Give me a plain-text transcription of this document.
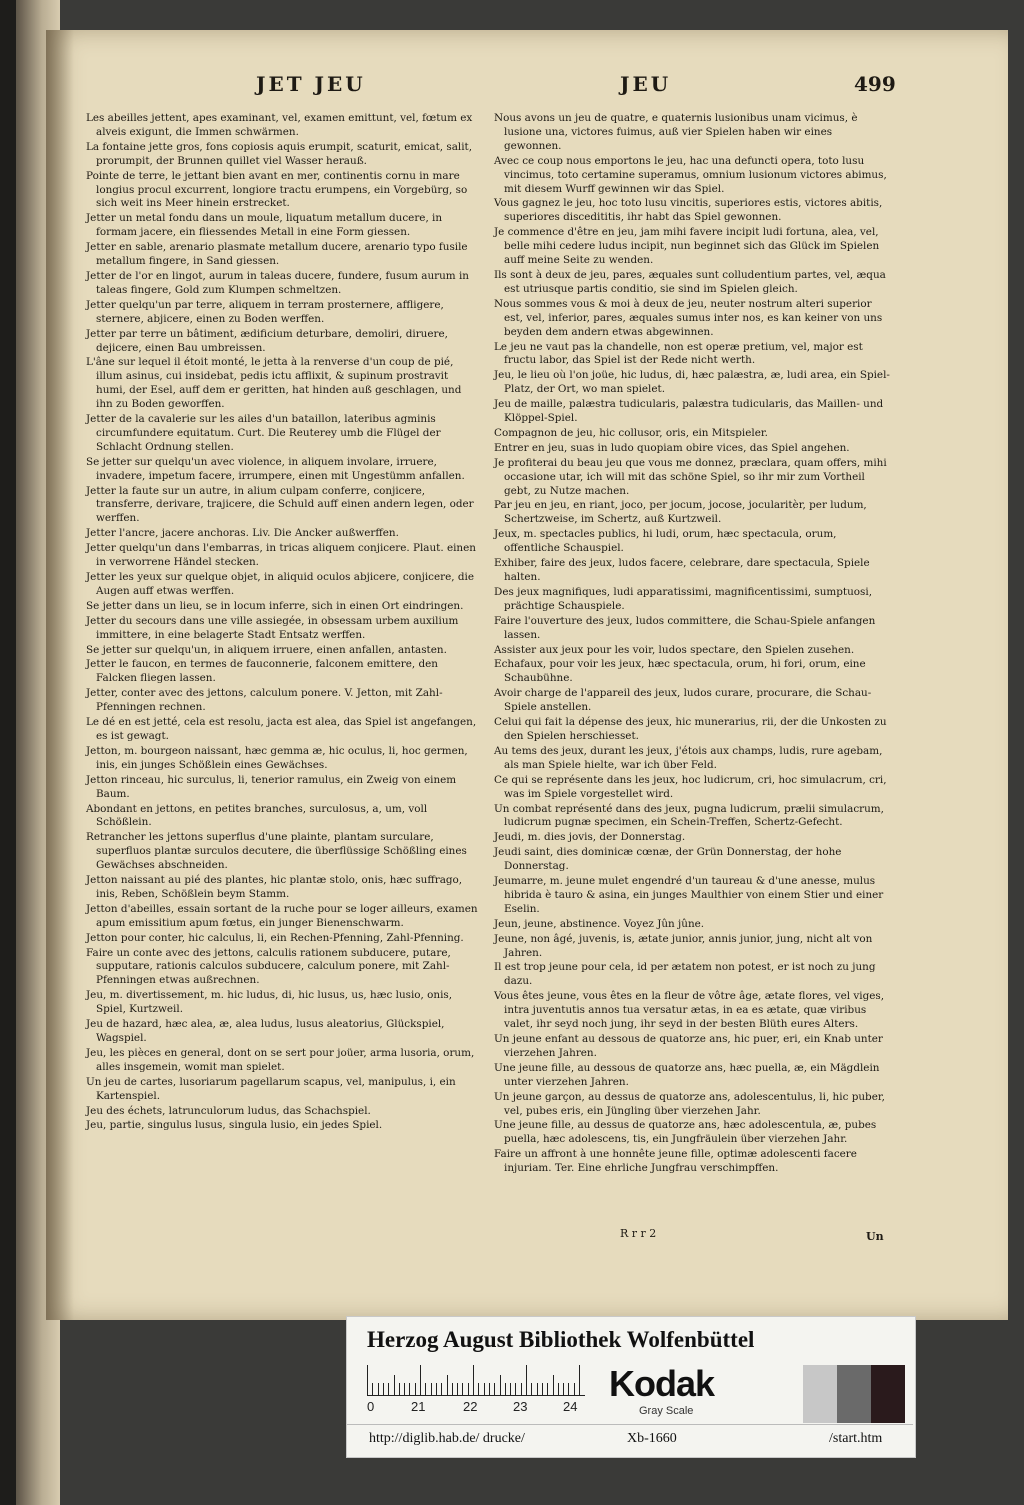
JET JEU	JEU	499

Les abeilles jettent, apes examinant, vel, examen emittunt, vel, fœtum ex alveis exigunt, die Immen schwärmen.

La fontaine jette gros, fons copiosis aquis erumpit, scaturit, emicat, salit, prorumpit, der Brunnen quillet viel Wasser herauß.

Pointe de terre, le jettant bien avant en mer, continentis cornu in mare longius procul excurrent, longiore tractu erumpens, ein Vorgebürg, so sich weit ins Meer hinein erstrecket.

Jetter un metal fondu dans un moule, liquatum metallum ducere, in formam jacere, ein fliessendes Metall in eine Form giessen.

Jetter en sable, arenario plasmate metallum ducere, arenario typo fusile metallum fingere, in Sand giessen.

Jetter de l'or en lingot, aurum in taleas ducere, fundere, fusum aurum in taleas fingere, Gold zum Klumpen schmeltzen.

Jetter quelqu'un par terre, aliquem in terram prosternere, affligere, sternere, abjicere, einen zu Boden werffen.

Jetter par terre un bâtiment, ædificium deturbare, demoliri, diruere, dejicere, einen Bau umbreissen.

L'âne sur lequel il étoit monté, le jetta à la renverse d'un coup de pié, illum asinus, cui insidebat, pedis ictu afflixit, & supinum prostravit humi, der Esel, auff dem er geritten, hat hinden auß geschlagen, und ihn zu Boden geworffen.

Jetter de la cavalerie sur les ailes d'un bataillon, lateribus agminis circumfundere equitatum. Curt. Die Reuterey umb die Flügel der Schlacht Ordnung stellen.

Se jetter sur quelqu'un avec violence, in aliquem involare, irruere, invadere, impetum facere, irrumpere, einen mit Ungestümm anfallen.

Jetter la faute sur un autre, in alium culpam conferre, conjicere, transferre, derivare, trajicere, die Schuld auff einen andern legen, oder werffen.

Jetter l'ancre, jacere anchoras. Liv. Die Ancker außwerffen.

Jetter quelqu'un dans l'embarras, in tricas aliquem conjicere. Plaut. einen in verworrene Händel stecken.

Jetter les yeux sur quelque objet, in aliquid oculos abjicere, conjicere, die Augen auff etwas werffen.

Se jetter dans un lieu, se in locum inferre, sich in einen Ort eindringen.

Jetter du secours dans une ville assiegée, in obsessam urbem auxilium immittere, in eine belagerte Stadt Entsatz werffen.

Se jetter sur quelqu'un, in aliquem irruere, einen anfallen, antasten.

Jetter le faucon, en termes de fauconnerie, falconem emittere, den Falcken fliegen lassen.

Jetter, conter avec des jettons, calculum ponere. V. Jetton, mit Zahl-Pfenningen rechnen.

Le dé en est jetté, cela est resolu, jacta est alea, das Spiel ist angefangen, es ist gewagt.

Jetton, m. bourgeon naissant, hæc gemma æ, hic oculus, li, hoc germen, inis, ein junges Schößlein eines Gewächses.

Jetton rinceau, hic surculus, li, tenerior ramulus, ein Zweig von einem Baum.

Abondant en jettons, en petites branches, surculosus, a, um, voll Schößlein.

Retrancher les jettons superflus d'une plainte, plantam surculare, superfluos plantæ surculos decutere, die überflüssige Schößling eines Gewächses abschneiden.

Jetton naissant au pié des plantes, hic plantæ stolo, onis, hæc suffrago, inis, Reben, Schößlein beym Stamm.

Jetton d'abeilles, essain sortant de la ruche pour se loger ailleurs, examen apum emissitium apum fœtus, ein junger Bienenschwarm.

Jetton pour conter, hic calculus, li, ein Rechen-Pfenning, Zahl-Pfenning.

Faire un conte avec des jettons, calculis rationem subducere, putare, supputare, rationis calculos subducere, calculum ponere, mit Zahl-Pfenningen etwas außrechnen.

Jeu, m. divertissement, m. hic ludus, di, hic lusus, us, hæc lusio, onis, Spiel, Kurtzweil.

Jeu de hazard, hæc alea, æ, alea ludus, lusus aleatorius, Glückspiel, Wagspiel.

Jeu, les pièces en general, dont on se sert pour joüer, arma lusoria, orum, alles insgemein, womit man spielet.

Un jeu de cartes, lusoriarum pagellarum scapus, vel, manipulus, i, ein Kartenspiel.

Jeu des échets, latrunculorum ludus, das Schachspiel.

Jeu, partie, singulus lusus, singula lusio, ein jedes Spiel.

Nous avons un jeu de quatre, e quaternis lusionibus unam vicimus, è lusione una, victores fuimus, auß vier Spielen haben wir eines gewonnen.

Avec ce coup nous emportons le jeu, hac una defuncti opera, toto lusu vincimus, toto certamine superamus, omnium lusionum victores abimus, mit diesem Wurff gewinnen wir das Spiel.

Vous gagnez le jeu, hoc toto lusu vincitis, superiores estis, victores abitis, superiores discedititis, ihr habt das Spiel gewonnen.

Je commence d'être en jeu, jam mihi favere incipit ludi fortuna, alea, vel, belle mihi cedere ludus incipit, nun beginnet sich das Glück im Spielen auff meine Seite zu wenden.

Ils sont à deux de jeu, pares, æquales sunt colludentium partes, vel, æqua est utriusque partis conditio, sie sind im Spielen gleich.

Nous sommes vous & moi à deux de jeu, neuter nostrum alteri superior est, vel, inferior, pares, æquales sumus inter nos, es kan keiner von uns beyden dem andern etwas abgewinnen.

Le jeu ne vaut pas la chandelle, non est operæ pretium, vel, major est fructu labor, das Spiel ist der Rede nicht werth.

Jeu, le lieu où l'on joüe, hic ludus, di, hæc palæstra, æ, ludi area, ein Spiel-Platz, der Ort, wo man spielet.

Jeu de maille, palæstra tudicularis, palæstra tudicularis, das Maillen- und Klöppel-Spiel.

Compagnon de jeu, hic collusor, oris, ein Mitspieler.

Entrer en jeu, suas in ludo quopiam obire vices, das Spiel angehen.

Je profiterai du beau jeu que vous me donnez, præclara, quam offers, mihi occasione utar, ich will mit das schöne Spiel, so ihr mir zum Vortheil gebt, zu Nutze machen.

Par jeu en jeu, en riant, joco, per jocum, jocose, jocularitèr, per ludum, Schertzweise, im Schertz, auß Kurtzweil.

Jeux, m. spectacles publics, hi ludi, orum, hæc spectacula, orum, offentliche Schauspiel.

Exhiber, faire des jeux, ludos facere, celebrare, dare spectacula, Spiele halten.

Des jeux magnifiques, ludi apparatissimi, magnificentissimi, sumptuosi, prächtige Schauspiele.

Faire l'ouverture des jeux, ludos committere, die Schau-Spiele anfangen lassen.

Assister aux jeux pour les voir, ludos spectare, den Spielen zusehen.

Echafaux, pour voir les jeux, hæc spectacula, orum, hi fori, orum, eine Schaubühne.

Avoir charge de l'appareil des jeux, ludos curare, procurare, die Schau-Spiele anstellen.

Celui qui fait la dépense des jeux, hic munerarius, rii, der die Unkosten zu den Spielen herschiesset.

Au tems des jeux, durant les jeux, j'étois aux champs, ludis, rure agebam, als man Spiele hielte, war ich über Feld.

Ce qui se représente dans les jeux, hoc ludicrum, cri, hoc simulacrum, cri, was im Spiele vorgestellet wird.

Un combat représenté dans des jeux, pugna ludicrum, prælii simulacrum, ludicrum pugnæ specimen, ein Schein-Treffen, Schertz-Gefecht.

Jeudi, m. dies jovis, der Donnerstag.

Jeudi saint, dies dominicæ cœnæ, der Grün Donnerstag, der hohe Donnerstag.

Jeumarre, m. jeune mulet engendré d'un taureau & d'une anesse, mulus hibrida è tauro & asina, ein junges Maulthier von einem Stier und einer Eselin.

Jeun, jeune, abstinence. Voyez Jûn jûne.

Jeune, non âgé, juvenis, is, ætate junior, annis junior, jung, nicht alt von Jahren.

Il est trop jeune pour cela, id per ætatem non potest, er ist noch zu jung dazu.

Vous êtes jeune, vous êtes en la fleur de vôtre âge, ætate flores, vel viges, intra juventutis annos tua versatur ætas, in ea es ætate, quæ viribus valet, ihr seyd noch jung, ihr seyd in der besten Blüth eures Alters.

Un jeune enfant au dessous de quatorze ans, hic puer, eri, ein Knab unter vierzehen Jahren.

Une jeune fille, au dessous de quatorze ans, hæc puella, æ, ein Mägdlein unter vierzehen Jahren.

Un jeune garçon, au dessus de quatorze ans, adolescentulus, li, hic puber, vel, pubes eris, ein Jüngling über vierzehen Jahr.

Une jeune fille, au dessus de quatorze ans, hæc adolescentula, æ, pubes puella, hæc adolescens, tis, ein Jungfräulein über vierzehen Jahr.

Faire un affront à une honnête jeune fille, optimæ adolescenti facere injuriam. Ter. Eine ehrliche Jungfrau verschimpffen.

R r r 2	Un
Herzog August Bibliothek Wolfenbüttel
0	21	22	23	24
Kodak
Gray Scale
http://diglib.hab.de/ drucke/	Xb-1660	/start.htm
